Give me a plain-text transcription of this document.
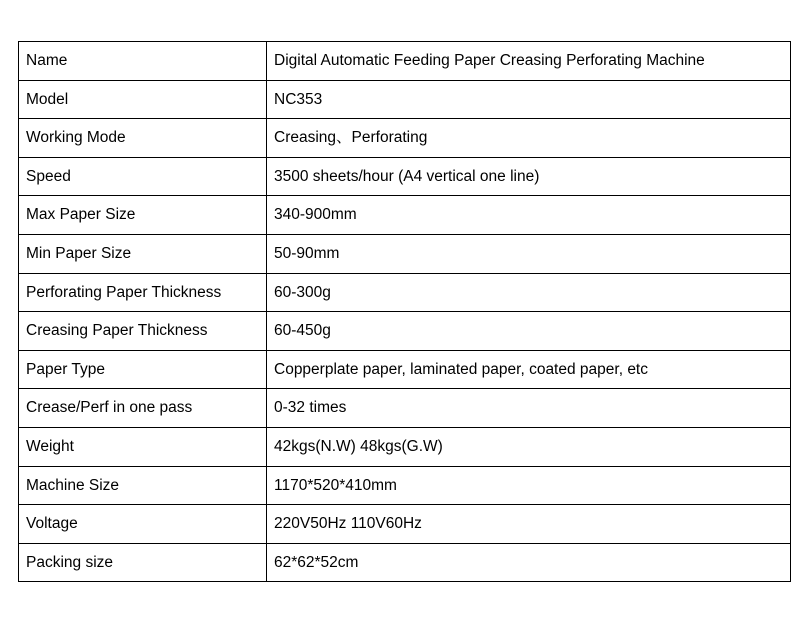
Name	Digital Automatic Feeding Paper Creasing Perforating Machine
Model	NC353
Working Mode	Creasing、Perforating
Speed	3500 sheets/hour (A4 vertical one line)
Max Paper Size	340-900mm
Min Paper Size	50-90mm
Perforating Paper Thickness	60-300g
Creasing Paper Thickness	60-450g
Paper Type	Copperplate paper, laminated paper, coated paper, etc
Crease/Perf in one pass	0-32 times
Weight	42kgs(N.W) 48kgs(G.W)
Machine Size	1170*520*410mm
Voltage	220V50Hz 110V60Hz
Packing size	62*62*52cm
